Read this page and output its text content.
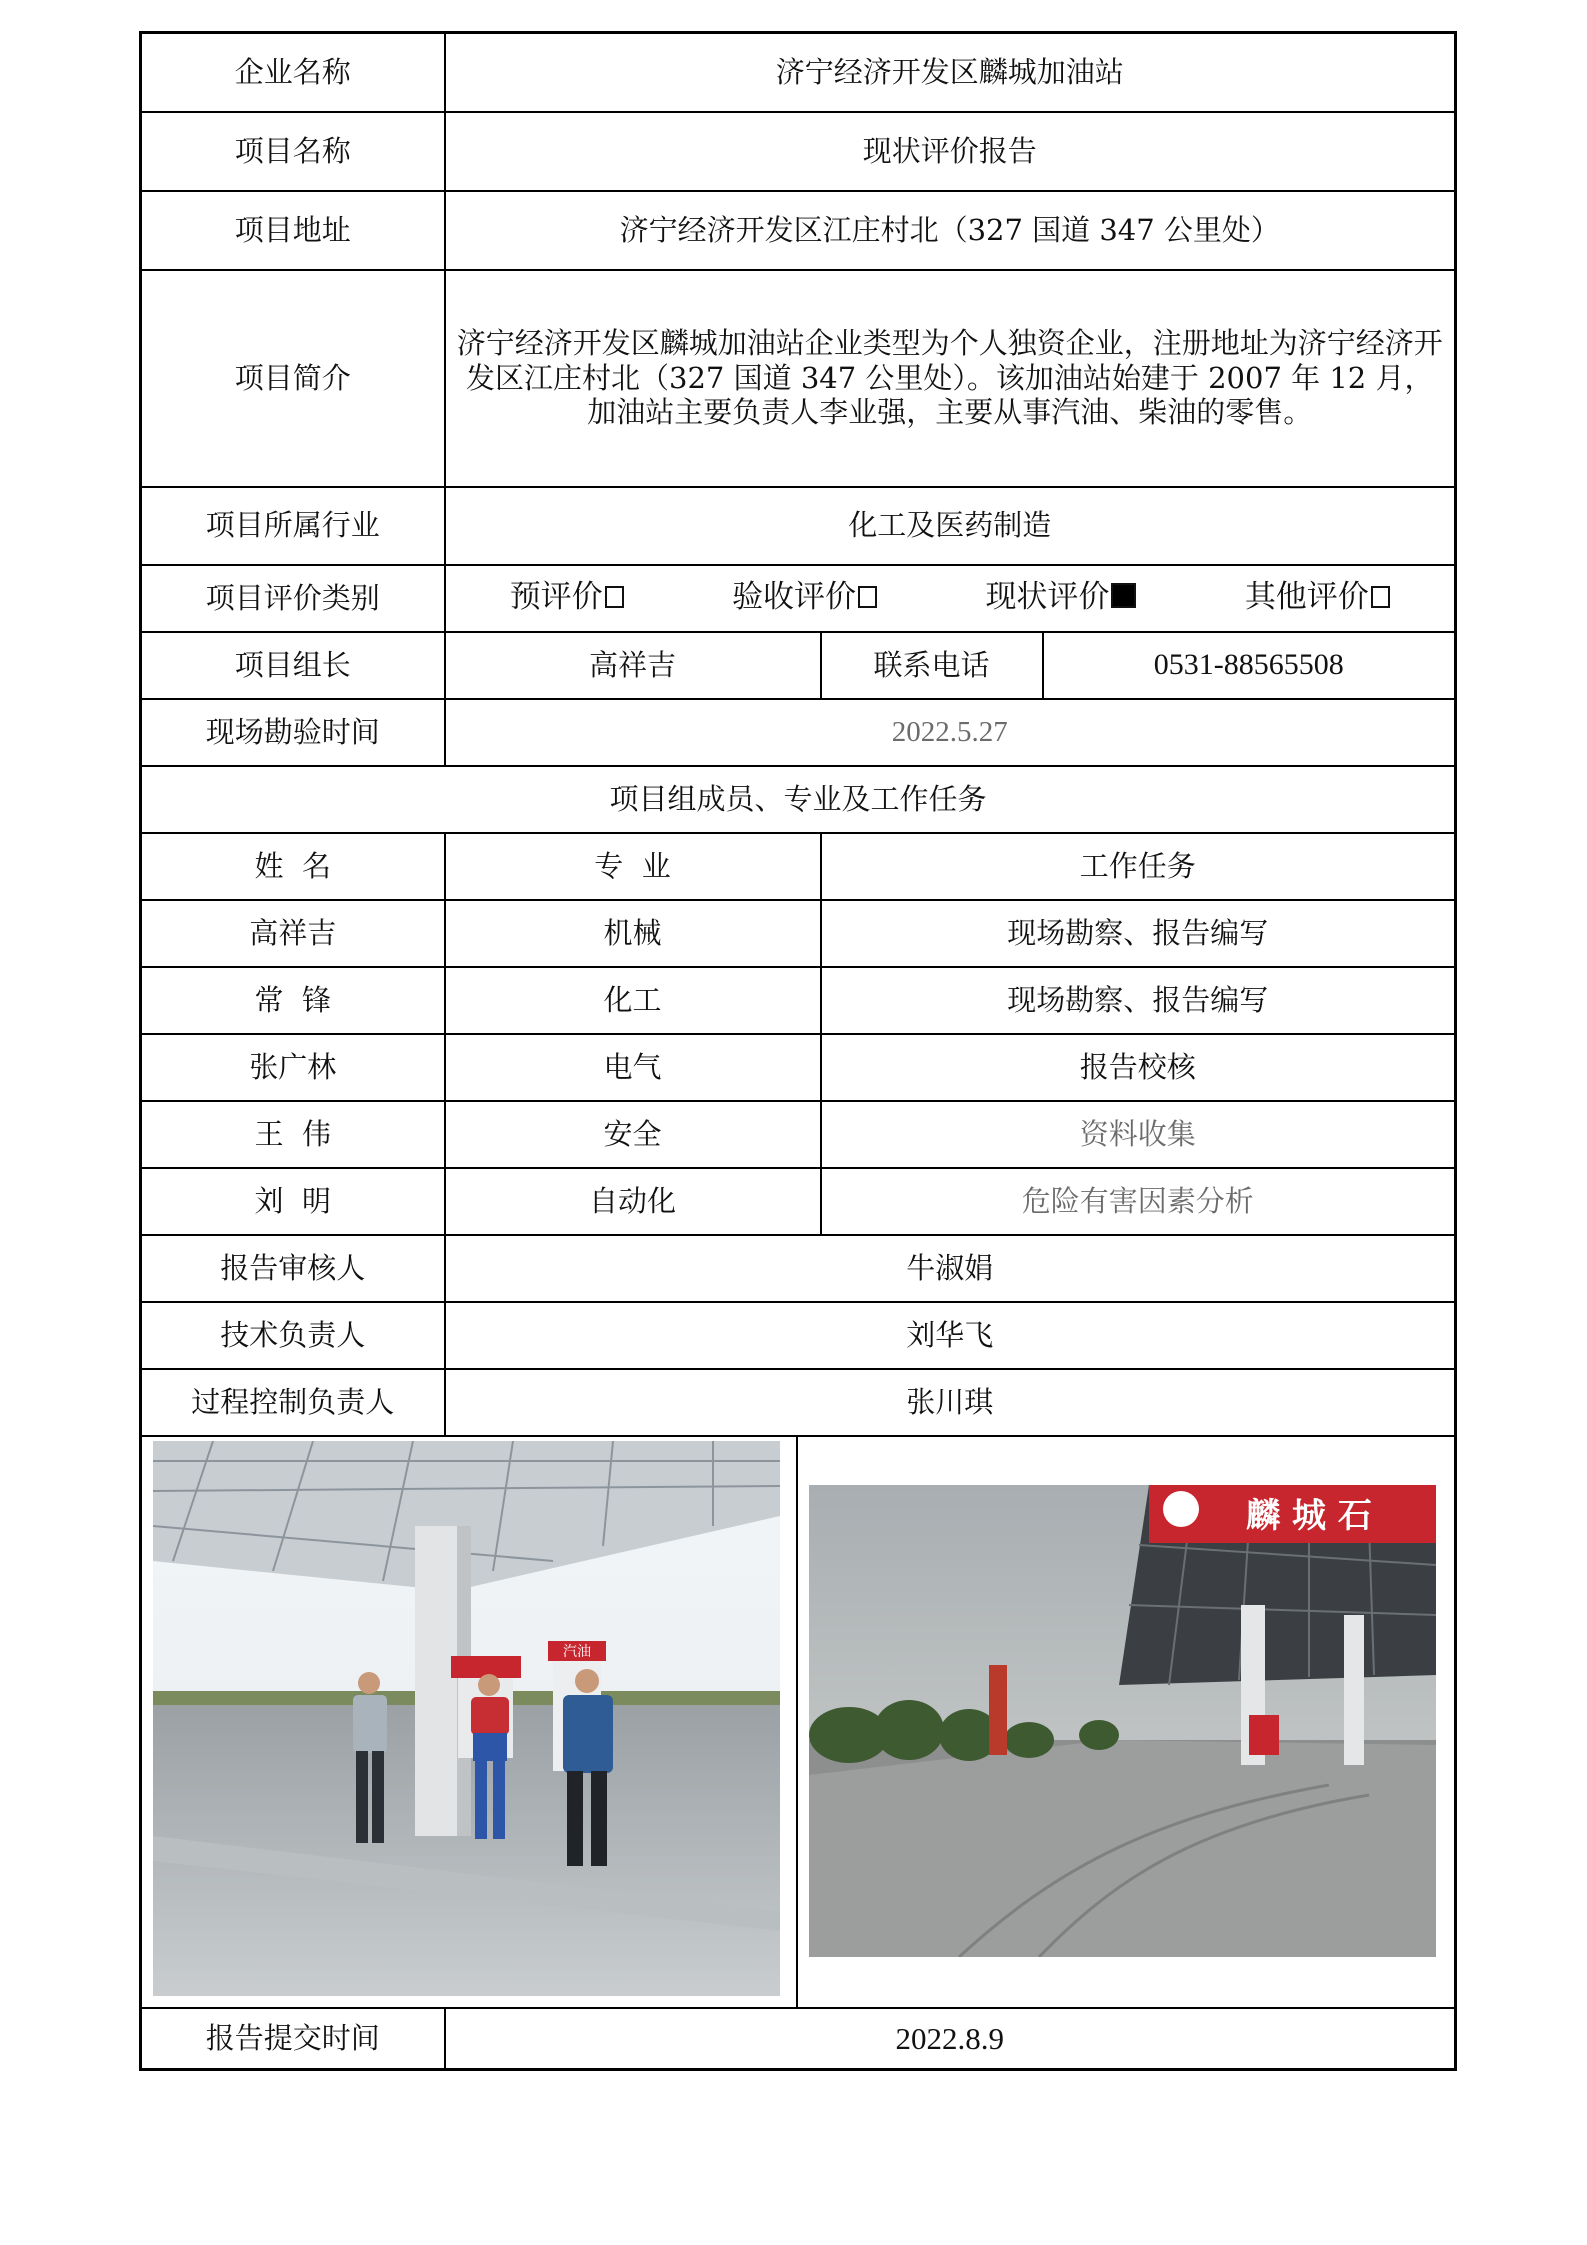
企业名称	济宁经济开发区麟城加油站		
项目名称	现状评价报告		
项目地址	济宁经济开发区江庄村北（327 国道 347 公里处）		
项目简介	济宁经济开发区麟城加油站企业类型为个人独资企业，注册地址为济宁经济开发区江庄村北（327 国道 347 公里处）。该加油站始建于 2007 年 12 月，加油站主要负责人李业强，主要从事汽油、柴油的零售。		
项目所属行业	化工及医药制造		
项目评价类别	预评价 验收评价 现状评价 其他评价		

项目组长	高祥吉	联系电话	0531-88565508
现场勘验时间	2022.5.27		
项目组成员、专业及工作任务			
姓  名	专  业	工作任务	
高祥吉	机械	现场勘察、报告编写	
常  锋	化工	现场勘察、报告编写	
张广林	电气	报告校核	
王  伟	安全	资料收集	
刘  明	自动化	危险有害因素分析	
报告审核人	牛淑娟		
技术负责人	刘华飞		
过程控制负责人	张川琪		

汽油
麟 城 石			

报告提交时间	2022.8.9		
